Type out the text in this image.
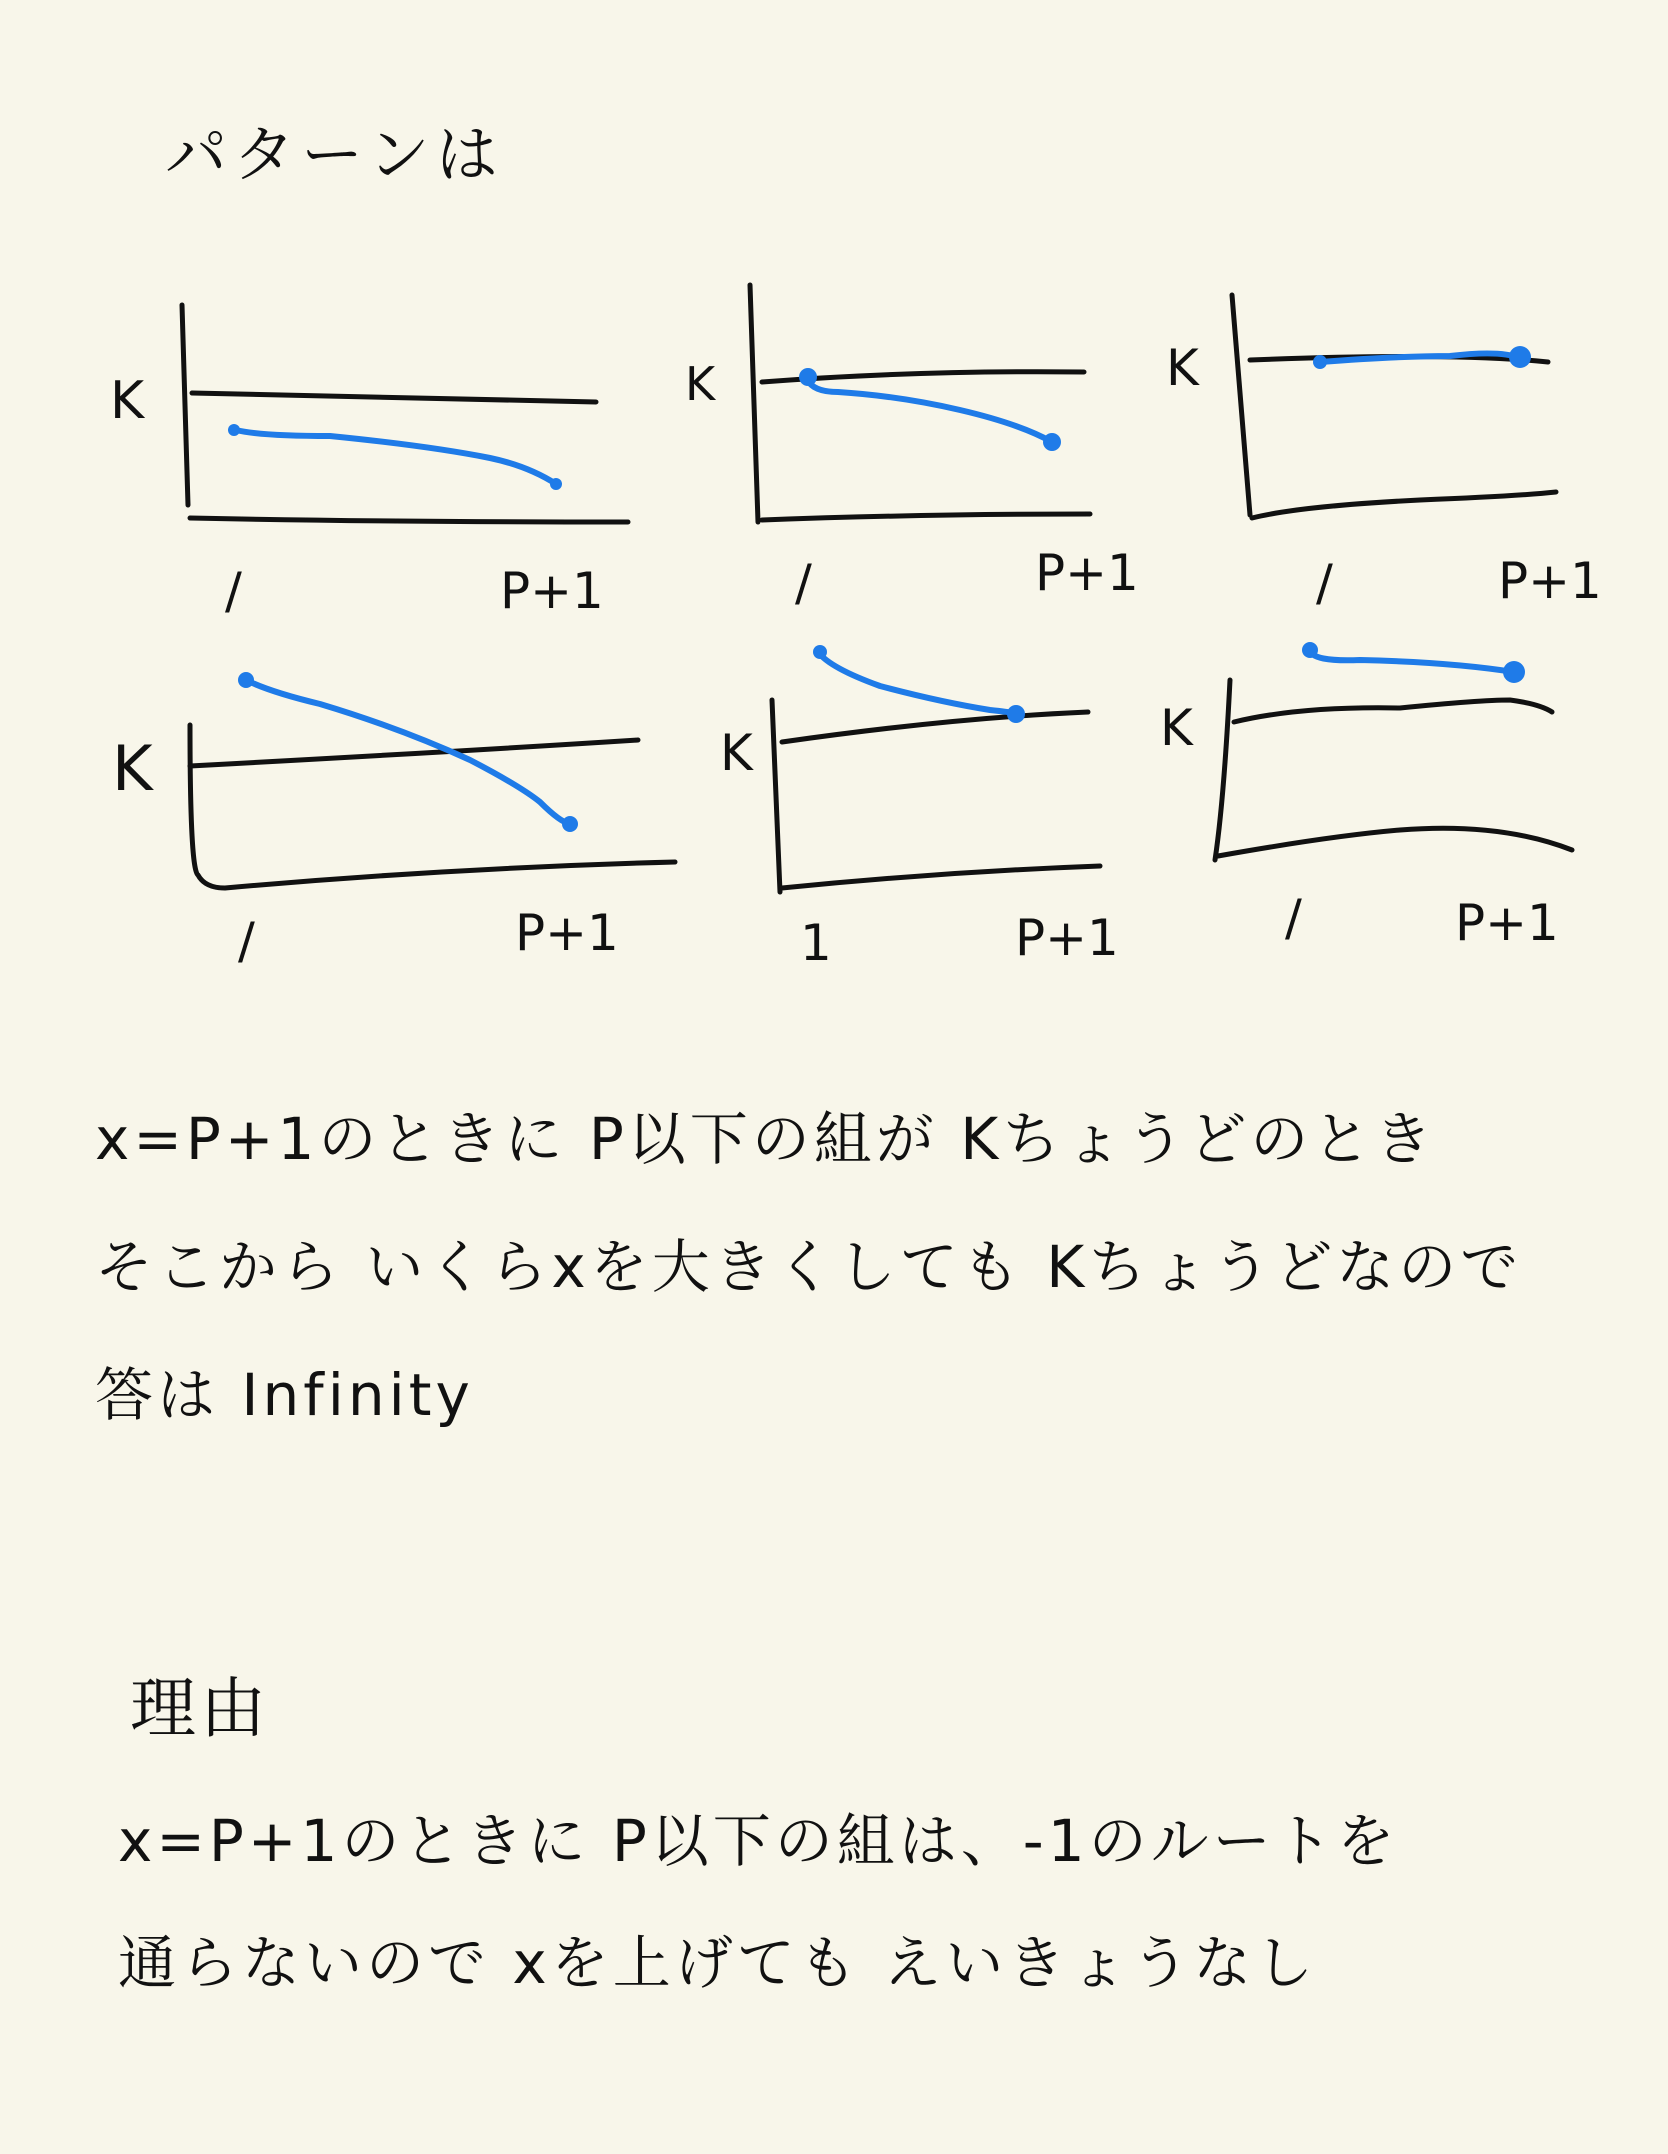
パターンは
K
/	P+1
K
/	P+1
K
/	P+1
K
/	P+1
K
1	P+1
K
/	P+1
x=P+1のときに P以下の組が Kちょうどのとき
そこから いくらxを大きくしても Kちょうどなので
答は Infinity
理由
x=P+1のときに P以下の組は、-1のルートを
通らないので xを上げても えいきょうなし
